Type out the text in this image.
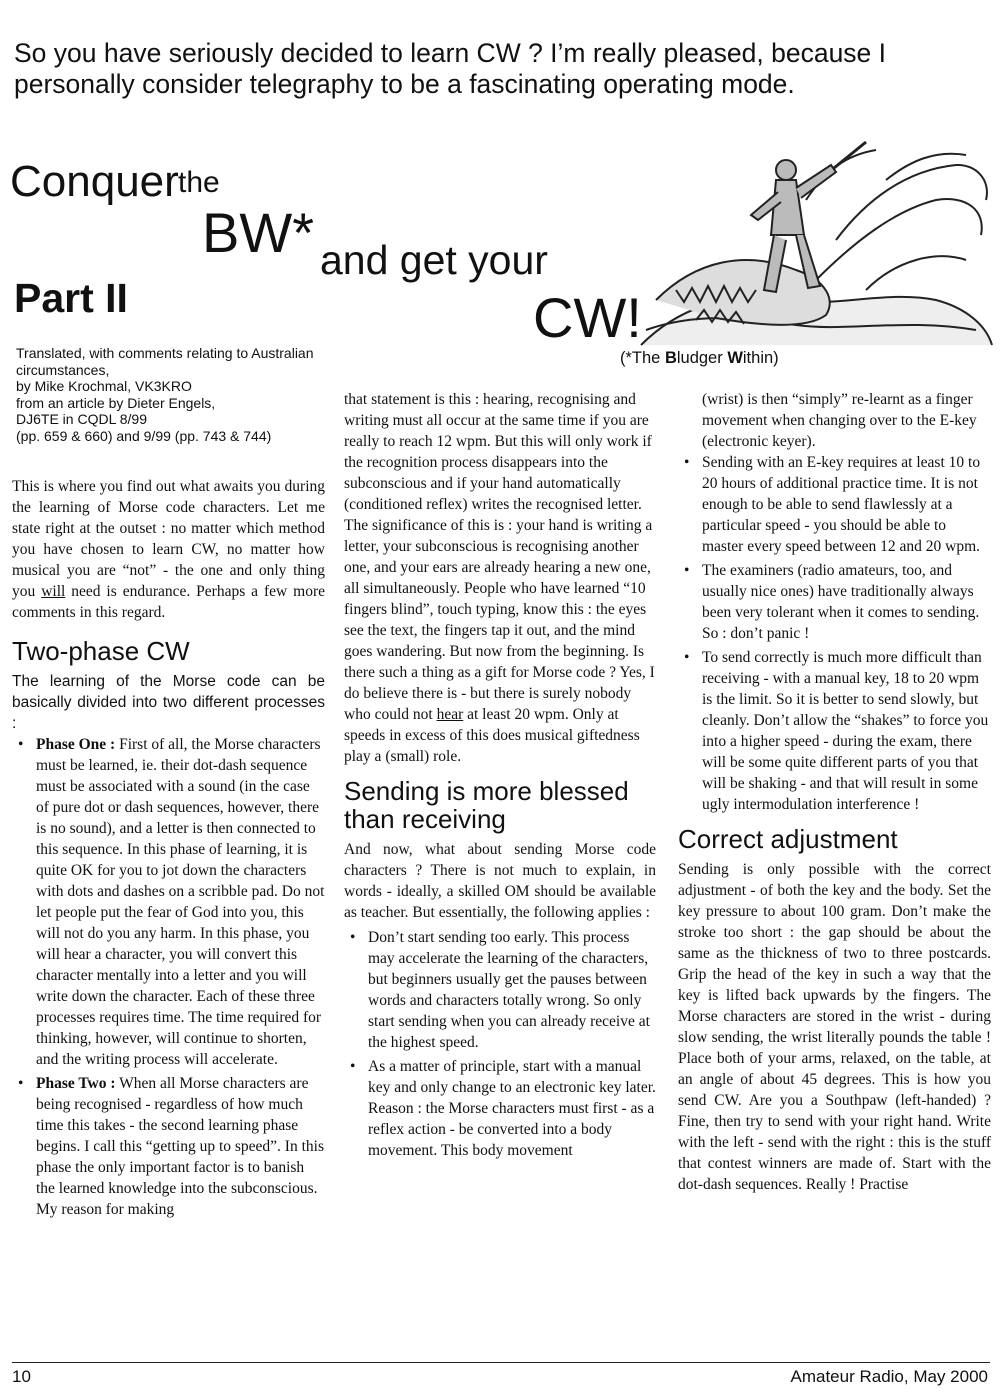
So you have seriously decided to learn CW ? I’m really pleased, because I personally consider telegraphy to be a fascinating operating mode.
Conquer the
BW* and get your
Part II	CW!
(*The Bludger Within)
Translated, with comments relating to Australian circumstances,
by Mike Krochmal, VK3KRO
from an article by Dieter Engels,
DJ6TE in CQDL 8/99
(pp. 659 & 660) and 9/99 (pp. 743 & 744)

This is where you find out what awaits you during the learning of Morse code characters. Let me state right at the outset : no matter which method you have chosen to learn CW, no matter how musical you are “not” - the one and only thing you will need is endurance. Perhaps a few more comments in this regard.

Two-phase CW

The learning of the Morse code can be basically divided into two different processes :

• Phase One : First of all, the Morse characters must be learned, ie. their dot-dash sequence must be associated with a sound (in the case of pure dot or dash sequences, however, there is no sound), and a letter is then connected to this sequence. In this phase of learning, it is quite OK for you to jot down the characters with dots and dashes on a scribble pad. Do not let people put the fear of God into you, this will not do you any harm. In this phase, you will hear a character, you will convert this character mentally into a letter and you will write down the character. Each of these three processes requires time. The time required for thinking, however, will continue to shorten, and the writing process will accelerate.
• Phase Two : When all Morse characters are being recognised - regardless of how much time this takes - the second learning phase begins. I call this “getting up to speed”. In this phase the only important factor is to banish the learned knowledge into the subconscious. My reason for making

that statement is this : hearing, recognising and writing must all occur at the same time if you are really to reach 12 wpm. But this will only work if the recognition process disappears into the subconscious and if your hand automatically (conditioned reflex) writes the recognised letter. The significance of this is : your hand is writing a letter, your subconscious is recognising another one, and your ears are already hearing a new one, all simultaneously. People who have learned “10 fingers blind”, touch typing, know this : the eyes see the text, the fingers tap it out, and the mind goes wandering. But now from the beginning. Is there such a thing as a gift for Morse code ? Yes, I do believe there is - but there is surely nobody who could not hear at least 20 wpm. Only at speeds in excess of this does musical giftedness play a (small) role.

Sending is more blessed than receiving

And now, what about sending Morse code characters ? There is not much to explain, in words - ideally, a skilled OM should be available as teacher. But essentially, the following applies :

• Don’t start sending too early. This process may accelerate the learning of the characters, but beginners usually get the pauses between words and characters totally wrong. So only start sending when you can already receive at the highest speed.
• As a matter of principle, start with a manual key and only change to an electronic key later. Reason : the Morse characters must first - as a reflex action - be converted into a body movement. This body movement

(wrist) is then “simply” re-learnt as a finger movement when changing over to the E-key (electronic keyer).

• Sending with an E-key requires at least 10 to 20 hours of additional practice time. It is not enough to be able to send flawlessly at a particular speed - you should be able to master every speed between 12 and 20 wpm.
• The examiners (radio amateurs, too, and usually nice ones) have traditionally always been very tolerant when it comes to sending. So : don’t panic !
• To send correctly is much more difficult than receiving - with a manual key, 18 to 20 wpm is the limit. So it is better to send slowly, but cleanly. Don’t allow the “shakes” to force you into a higher speed - during the exam, there will be some quite different parts of you that will be shaking - and that will result in some ugly intermodulation interference !
Correct adjustment

Sending is only possible with the correct adjustment - of both the key and the body. Set the key pressure to about 100 gram. Don’t make the stroke too short : the gap should be about the same as the thickness of two to three postcards. Grip the head of the key in such a way that the key is lifted back upwards by the fingers. The Morse characters are stored in the wrist - during slow sending, the wrist literally pounds the table ! Place both of your arms, relaxed, on the table, at an angle of about 45 degrees. This is how you send CW. Are you a Southpaw (left-handed) ? Fine, then try to send with your right hand. Write with the left - send with the right : this is the stuff that contest winners are made of. Start with the dot-dash sequences. Really ! Practise

10	Amateur Radio, May 2000
